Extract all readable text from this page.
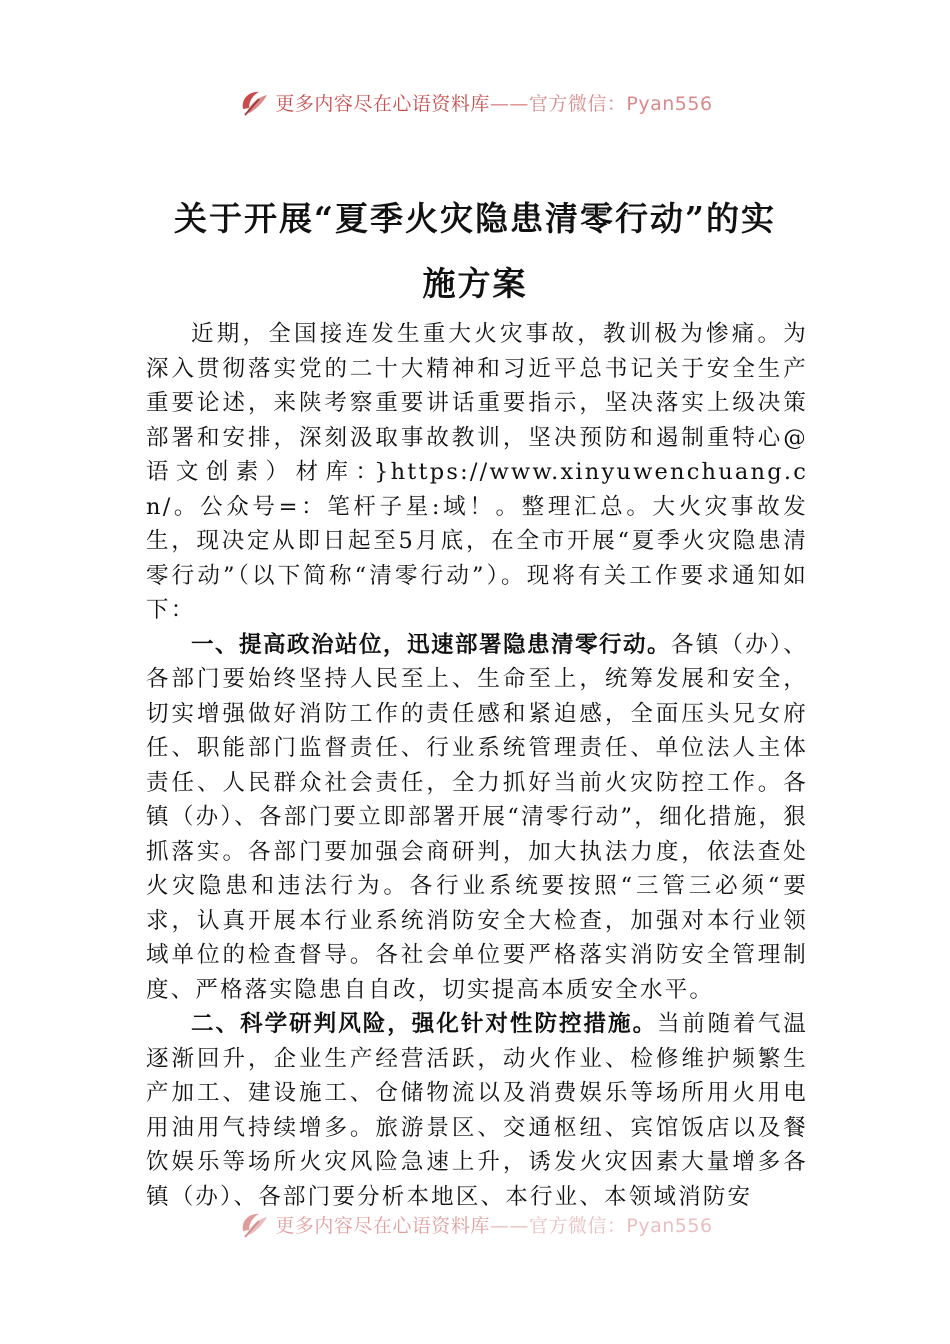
更多内容尽在心语资料库——官方微信：Pyan556
关于开展“夏季火灾隐患清零行动”的实
施方案

近期，全国接连发生重大火灾事故，教训极为惨痛。为深入贯彻落实党的二十大精神和习近平总书记关于安全生产重要论述，来陕考察重要讲话重要指示，坚决落实上级决策部署和安排，深刻汲取事故教训，坚决预防和遏制重特心@语文创素）材库：}https://www.xinyuwenchuang.cn/。公众号=：笔杆子星:域！。整理汇总。大火灾事故发生，现决定从即日起至5月底，在全市开展“夏季火灾隐患清零行动”（以下简称“清零行动”）。现将有关工作要求通知如下：

一、提高政治站位，迅速部署隐患清零行动。各镇（办）、各部门要始终坚持人民至上、生命至上，统筹发展和安全，切实增强做好消防工作的责任感和紧迫感，全面压头兄女府任、职能部门监督责任、行业系统管理责任、单位法人主体责任、人民群众社会责任，全力抓好当前火灾防控工作。各镇（办）、各部门要立即部署开展“清零行动”，细化措施，狠抓落实。各部门要加强会商研判，加大执法力度，依法查处火灾隐患和违法行为。各行业系统要按照“三管三必须“要求，认真开展本行业系统消防安全大检查，加强对本行业领域单位的检查督导。各社会单位要严格落实消防安全管理制度、严格落实隐患自自改，切实提高本质安全水平。

二、科学研判风险，强化针对性防控措施。当前随着气温逐渐回升，企业生产经营活跃，动火作业、检修维护频繁生产加工、建设施工、仓储物流以及消费娱乐等场所用火用电用油用气持续增多。旅游景区、交通枢纽、宾馆饭店以及餐饮娱乐等场所火灾风险急速上升，诱发火灾因素大量增多各镇（办）、各部门要分析本地区、本行业、本领域消防安

更多内容尽在心语资料库——官方微信：Pyan556
